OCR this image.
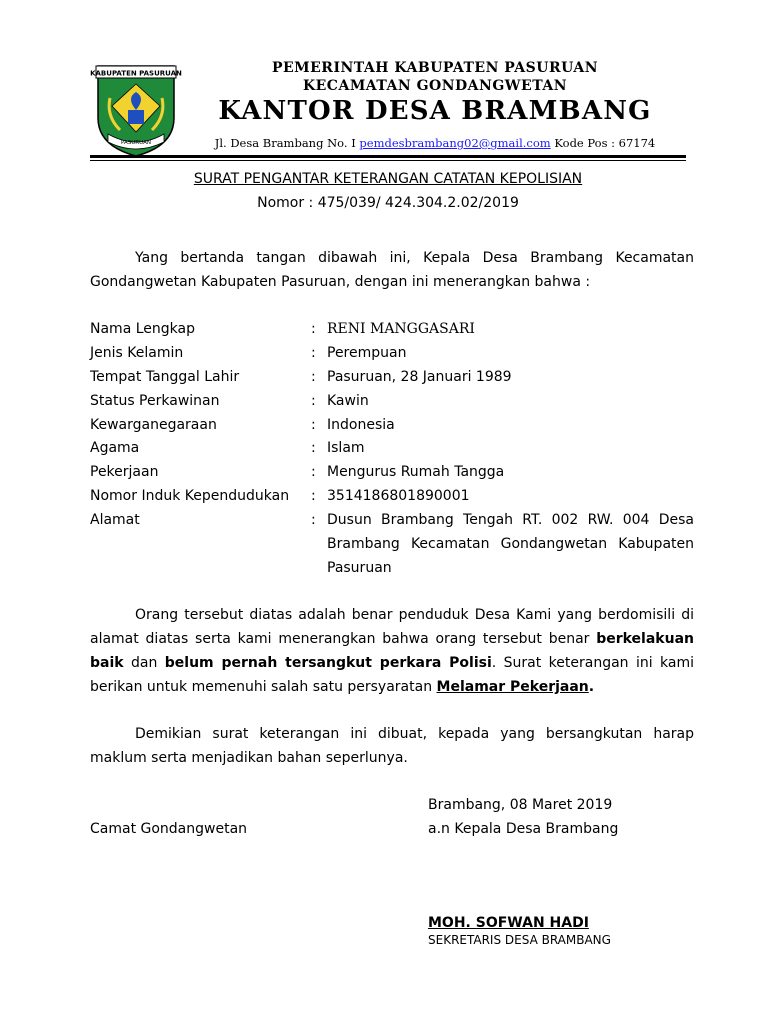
KABUPATEN PASURUAN
PASURUAN
PEMERINTAH KABUPATEN PASURUAN
KECAMATAN GONDANGWETAN
KANTOR DESA BRAMBANG
Jl. Desa Brambang No. I pemdesbrambang02@gmail.com Kode Pos : 67174
SURAT PENGANTAR KETERANGAN CATATAN KEPOLISIAN
Nomor : 475/039/ 424.304.2.02/2019
Yang bertanda tangan dibawah ini, Kepala Desa Brambang Kecamatan Gondangwetan Kabupaten Pasuruan, dengan ini menerangkan bahwa :
Nama Lengkap	: RENI MANGGASARI
Jenis Kelamin	: Perempuan
Tempat Tanggal Lahir	: Pasuruan, 28 Januari 1989
Status Perkawinan	: Kawin
Kewarganegaraan	: Indonesia
Agama	: Islam
Pekerjaan	: Mengurus Rumah Tangga
Nomor Induk Kependudukan : 3514186801890001
Alamat	: Dusun Brambang Tengah RT. 002 RW. 004 Desa Brambang Kecamatan Gondangwetan Kabupaten Pasuruan
Orang tersebut diatas adalah benar penduduk Desa Kami yang berdomisili di alamat diatas serta kami menerangkan bahwa orang tersebut benar berkelakuan baik dan belum pernah tersangkut perkara Polisi. Surat keterangan ini kami berikan untuk memenuhi salah satu persyaratan Melamar Pekerjaan.
Demikian surat keterangan ini dibuat, kepada yang bersangkutan harap maklum serta menjadikan bahan seperlunya.
Brambang, 08 Maret 2019
Camat Gondangwetan	a.n Kepala Desa Brambang
MOH. SOFWAN HADI
SEKRETARIS DESA BRAMBANG
